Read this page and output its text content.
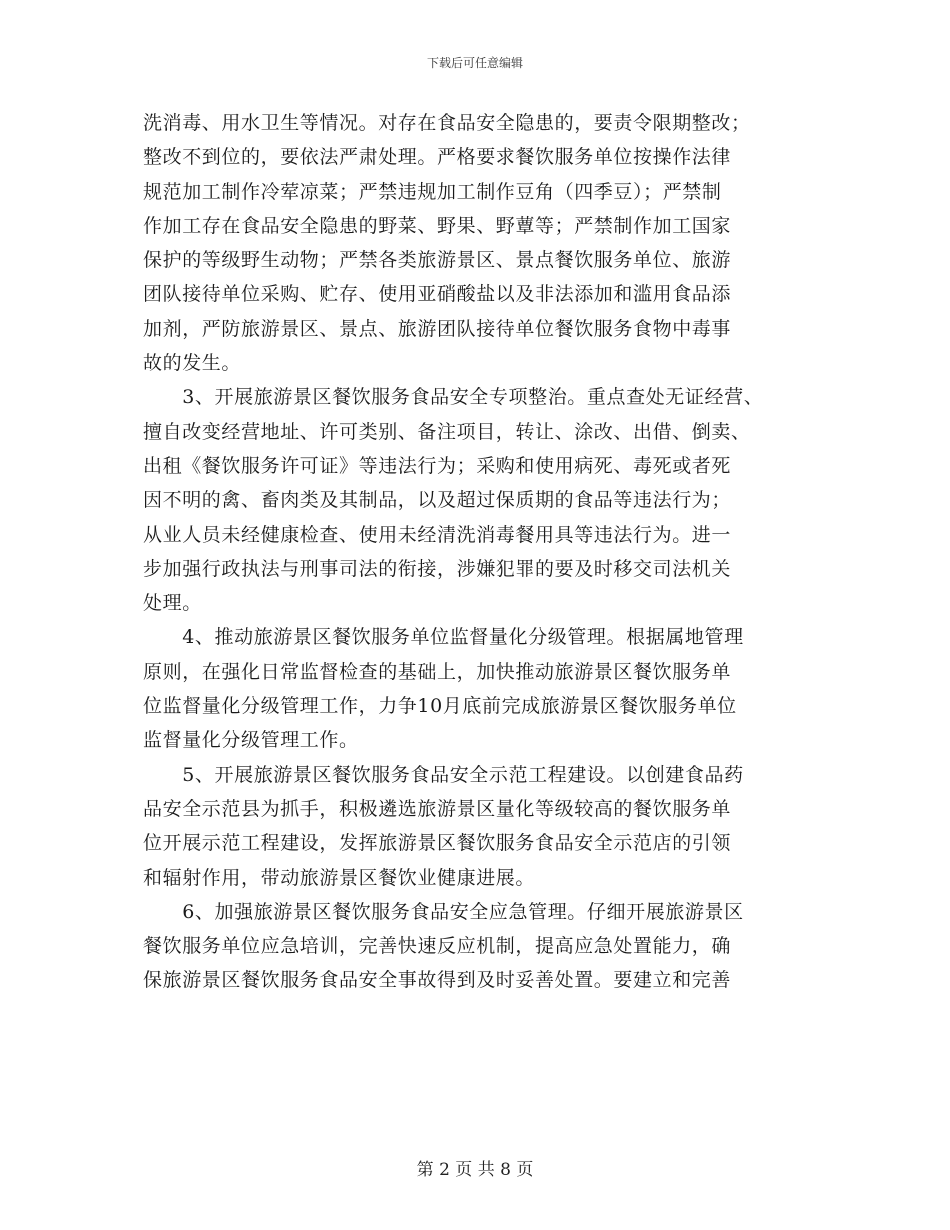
下载后可任意编辑
洗消毒、用水卫生等情况。对存在食品安全隐患的，要责令限期整改；
整改不到位的，要依法严肃处理。严格要求餐饮服务单位按操作法律
规范加工制作冷荤凉菜；严禁违规加工制作豆角（四季豆）；严禁制
作加工存在食品安全隐患的野菜、野果、野蕈等；严禁制作加工国家
保护的等级野生动物；严禁各类旅游景区、景点餐饮服务单位、旅游
团队接待单位采购、贮存、使用亚硝酸盐以及非法添加和滥用食品添
加剂，严防旅游景区、景点、旅游团队接待单位餐饮服务食物中毒事
故的发生。
　　3、开展旅游景区餐饮服务食品安全专项整治。重点查处无证经营、
擅自改变经营地址、许可类别、备注项目，转让、涂改、出借、倒卖、
出租《餐饮服务许可证》等违法行为；采购和使用病死、毒死或者死
因不明的禽、畜肉类及其制品，以及超过保质期的食品等违法行为；
从业人员未经健康检查、使用未经清洗消毒餐用具等违法行为。进一
步加强行政执法与刑事司法的衔接，涉嫌犯罪的要及时移交司法机关
处理。
　　4、推动旅游景区餐饮服务单位监督量化分级管理。根据属地管理
原则，在强化日常监督检查的基础上，加快推动旅游景区餐饮服务单
位监督量化分级管理工作，力争10月底前完成旅游景区餐饮服务单位
监督量化分级管理工作。
　　5、开展旅游景区餐饮服务食品安全示范工程建设。以创建食品药
品安全示范县为抓手，积极遴选旅游景区量化等级较高的餐饮服务单
位开展示范工程建设，发挥旅游景区餐饮服务食品安全示范店的引领
和辐射作用，带动旅游景区餐饮业健康进展。
　　6、加强旅游景区餐饮服务食品安全应急管理。仔细开展旅游景区
餐饮服务单位应急培训，完善快速反应机制，提高应急处置能力，确
保旅游景区餐饮服务食品安全事故得到及时妥善处置。要建立和完善
第 2 页 共 8 页
